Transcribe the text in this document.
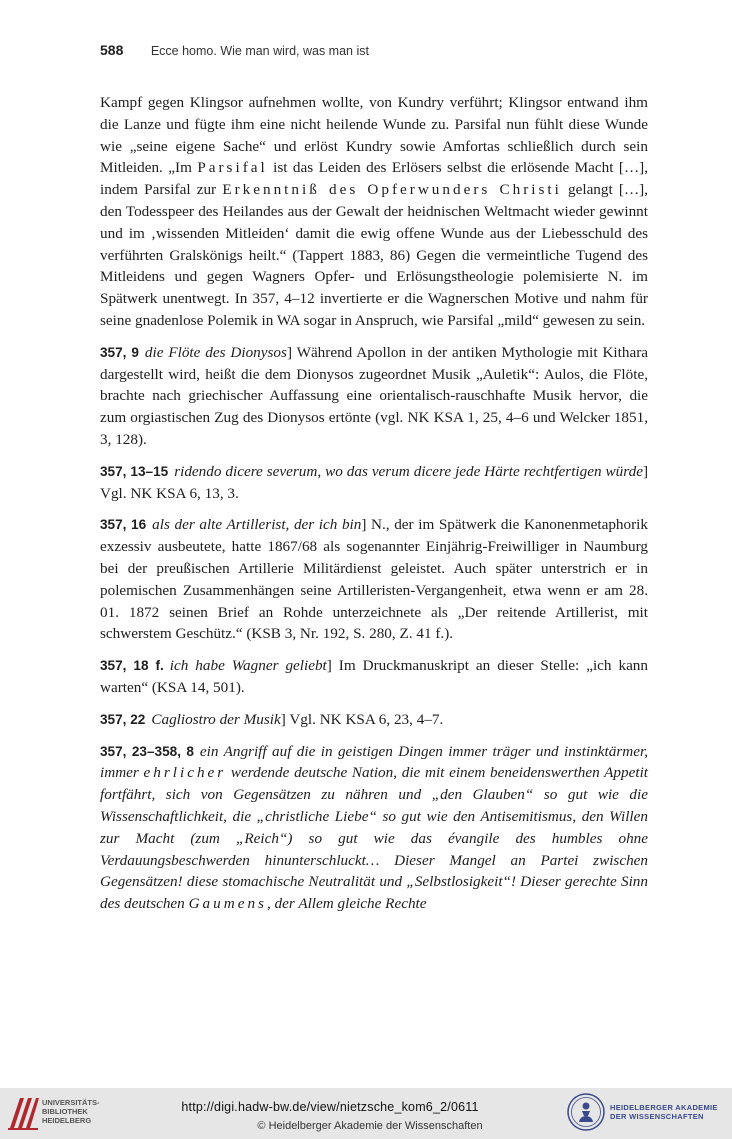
588 Ecce homo. Wie man wird, was man ist

Kampf gegen Klingsor aufnehmen wollte, von Kundry verführt; Klingsor entwand ihm die Lanze und fügte ihm eine nicht heilende Wunde zu. Parsifal nun fühlt diese Wunde wie „seine eigene Sache“ und erlöst Kundry sowie Amfortas schließlich durch sein Mitleiden. „Im Parsifal ist das Leiden des Erlösers selbst die erlösende Macht […], indem Parsifal zur Erkenntniß des Opferwunders Christi gelangt […], den Todesspeer des Heilandes aus der Gewalt der heidnischen Weltmacht wieder gewinnt und im ‚wissenden Mitleiden‘ damit die ewig offene Wunde aus der Liebesschuld des verführten Gralskönigs heilt.“ (Tappert 1883, 86) Gegen die vermeintliche Tugend des Mitleidens und gegen Wagners Opfer- und Erlösungstheologie polemisierte N. im Spätwerk unentwegt. In 357, 4–12 invertierte er die Wagnerschen Motive und nahm für seine gnadenlose Polemik in WA sogar in Anspruch, wie Parsifal „mild“ gewesen zu sein.

357, 9 die Flöte des Dionysos] Während Apollon in der antiken Mythologie mit Kithara dargestellt wird, heißt die dem Dionysos zugeordnet Musik „Auletik“: Aulos, die Flöte, brachte nach griechischer Auffassung eine orientalisch-rauschhafte Musik hervor, die zum orgiastischen Zug des Dionysos ertönte (vgl. NK KSA 1, 25, 4–6 und Welcker 1851, 3, 128).

357, 13–15 ridendo dicere severum, wo das verum dicere jede Härte rechtfertigen würde] Vgl. NK KSA 6, 13, 3.

357, 16 als der alte Artillerist, der ich bin] N., der im Spätwerk die Kanonenmetaphorik exzessiv ausbeutete, hatte 1867/68 als sogenannter Einjährig-Freiwilliger in Naumburg bei der preußischen Artillerie Militärdienst geleistet. Auch später unterstrich er in polemischen Zusammenhängen seine Artilleristen-Vergangenheit, etwa wenn er am 28. 01. 1872 seinen Brief an Rohde unterzeichnete als „Der reitende Artillerist, mit schwerstem Geschütz.“ (KSB 3, Nr. 192, S. 280, Z. 41 f.).

357, 18 f. ich habe Wagner geliebt] Im Druckmanuskript an dieser Stelle: „ich kann warten“ (KSA 14, 501).

357, 22 Cagliostro der Musik] Vgl. NK KSA 6, 23, 4–7.

357, 23–358, 8 ein Angriff auf die in geistigen Dingen immer träger und instinktärmer, immer ehrlicher werdende deutsche Nation, die mit einem beneidenswerthen Appetit fortfährt, sich von Gegensätzen zu nähren und „den Glauben“ so gut wie die Wissenschaftlichkeit, die „christliche Liebe“ so gut wie den Antisemitismus, den Willen zur Macht (zum „Reich“) so gut wie das évangile des humbles ohne Verdauungsbeschwerden hinunterschluckt… Dieser Mangel an Partei zwischen Gegensätzen! diese stomachische Neutralität und „Selbstlosigkeit“! Dieser gerechte Sinn des deutschen Gaumens, der Allem gleiche Rechte

UNIVERSITÄTS-
BIBLIOTHEK
HEIDELBERG
http://digi.hadw-bw.de/view/nietzsche_kom6_2/0611
© Heidelberger Akademie der Wissenschaften
HEIDELBERGER AKADEMIE
DER WISSENSCHAFTEN
